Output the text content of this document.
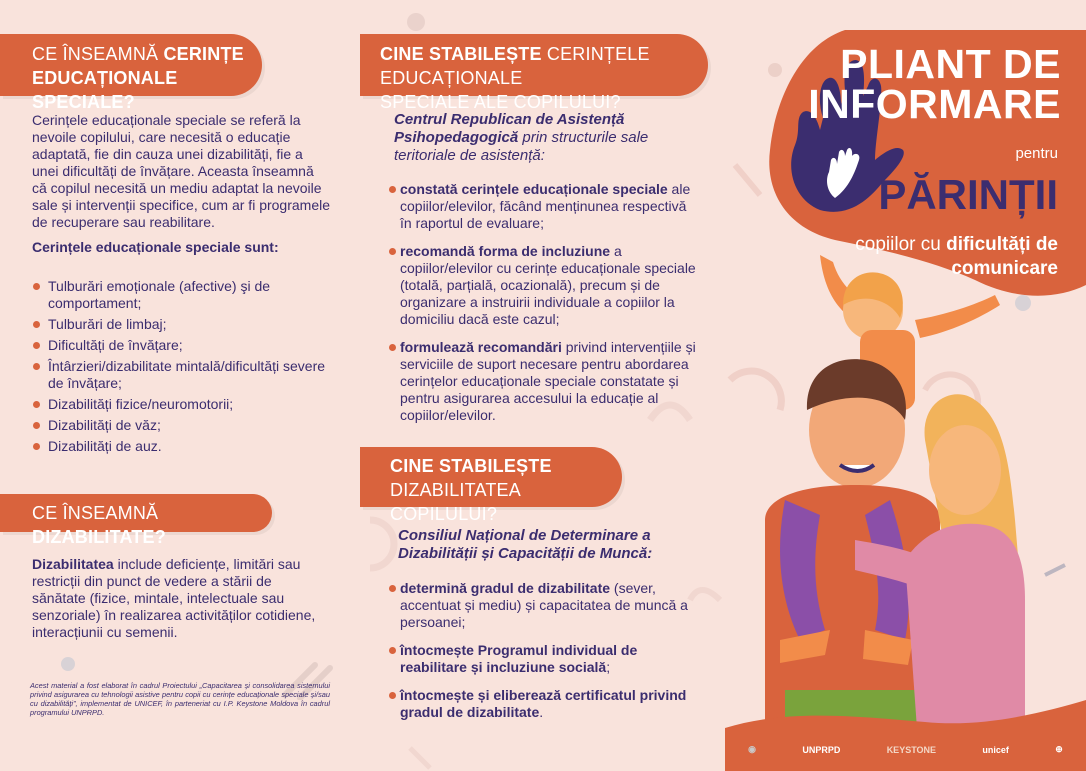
CE ÎNSEAMNĂ CERINȚE
EDUCAȚIONALE SPECIALE?

Cerințele educaționale speciale se referă la nevoile copilului, care necesită o educație adaptată, fie din cauza unei dizabilități, fie a unei dificultăți de învățare. Aceasta înseamnă că copilul necesită un mediu adaptat la nevoile sale și intervenții specifice, cum ar fi programele de recuperare sau reabilitare.

Cerințele educaționale speciale sunt:
Tulburări emoționale (afective) şi de comportament;
Tulburări de limbaj;
Dificultăți de învățare;
Întârzieri/dizabilitate mintală/dificultăți severe de învățare;
Dizabilități fizice/neuromotorii;
Dizabilități de văz;
Dizabilități de auz.
CE ÎNSEAMNĂ DIZABILITATE?

Dizabilitatea include deficiențe, limitări sau restricții din punct de vedere a stării de sănătate (fizice, mintale, intelectuale sau senzoriale) în realizarea activităților cotidiene, interacțiunii cu semenii.

Acest material a fost elaborat în cadrul Proiectului „Capacitarea și consolidarea sistemului privind asigurarea cu tehnologii asistive pentru copii cu cerințe educaționale speciale și/sau cu dizabilități”, implementat de UNICEF, în parteneriat cu I.P. Keystone Moldova în cadrul programului UNPRPD.
CINE STABILEȘTE CERINȚELE EDUCAȚIONALE
SPECIALE ALE COPILULUI?
Centrul Republican de Asistență Psihopedagogică prin structurile sale teritoriale de asistență:
constată cerințele educaționale speciale ale copiilor/elevilor, făcând menținunea respectivă în raportul de evaluare;
recomandă forma de incluziune a copiilor/elevilor cu cerințe educaționale speciale (totală, parțială, ocazională), precum și de organizare a instruirii individuale a copiilor la domiciliu dacă este cazul;
formulează recomandări privind intervențiile și serviciile de suport necesare pentru abordarea cerințelor educaționale speciale constatate și pentru asigurarea accesului la educație al copiilor/elevilor.
CINE STABILEȘTE
DIZABILITATEA COPILULUI?
Consiliul Național de Determinare a Dizabilității și Capacității de Muncă:
determină gradul de dizabilitate (sever, accentuat și mediu) și capacitatea de muncă a persoanei;
întocmește Programul individual de reabilitare și incluziune socială;
întocmește și eliberează certificatul privind gradul de dizabilitate.
PLIANT DE
INFORMARE
pentru
PĂRINȚII
copiilor cu dificultăți de
comunicare
◉	UNPRPD	KEYSTONE	unicef	⊕
